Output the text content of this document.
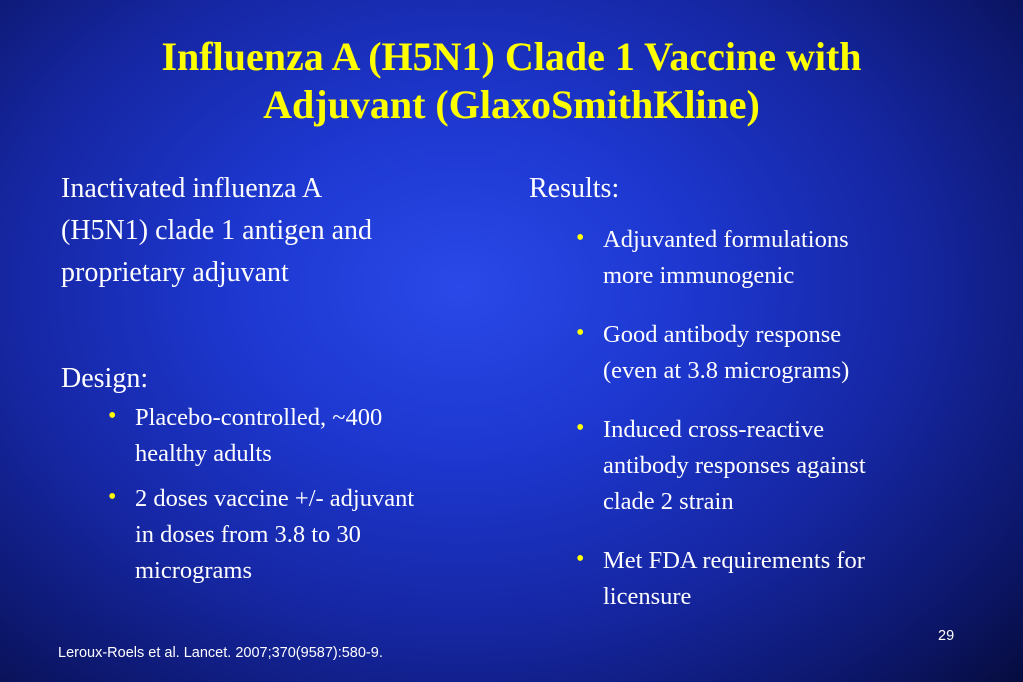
Influenza A (H5N1) Clade 1 Vaccine with
Adjuvant (GlaxoSmithKline)

Inactivated influenza A
(H5N1) clade 1 antigen and
proprietary adjuvant

Design:

• Placebo-controlled, ~400
healthy adults
• 2 doses vaccine +/- adjuvant
in doses from 3.8 to 30
micrograms

Results:

• Adjuvanted formulations
more immunogenic
• Good antibody response
(even at 3.8 micrograms)
• Induced cross-reactive
antibody responses against
clade 2 strain
• Met FDA requirements for
licensure
29
Leroux-Roels et al. Lancet. 2007;370(9587):580-9.
